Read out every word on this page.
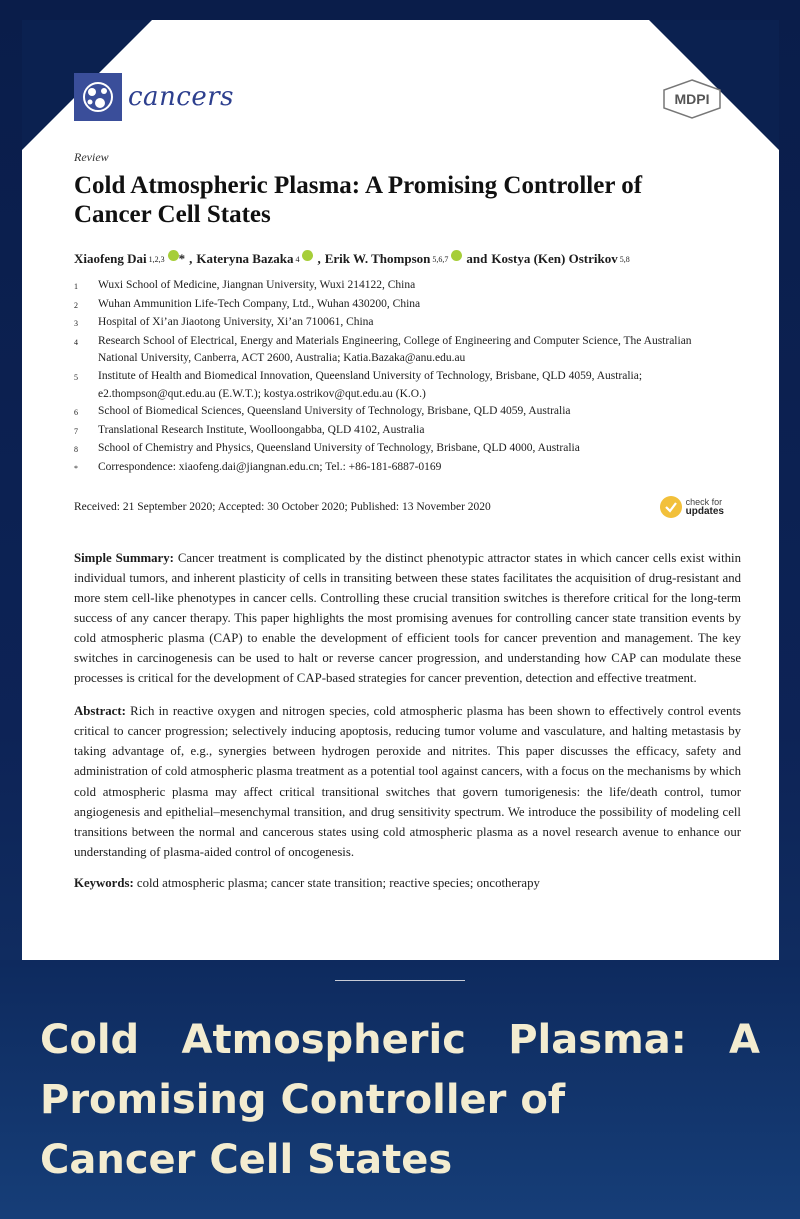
cancers	MDPI
Review
Cold Atmospheric Plasma: A Promising Controller of Cancer Cell States
Xiaofeng Dai 1,2,3 * , Kateryna Bazaka 4 , Erik W. Thompson 5,6,7 and Kostya (Ken) Ostrikov 5,8
1	Wuxi School of Medicine, Jiangnan University, Wuxi 214122, China
2	Wuhan Ammunition Life-Tech Company, Ltd., Wuhan 430200, China
3	Hospital of Xi’an Jiaotong University, Xi’an 710061, China
4	Research School of Electrical, Energy and Materials Engineering, College of Engineering and Computer Science, The Australian National University, Canberra, ACT 2600, Australia; Katia.Bazaka@anu.edu.au
5	Institute of Health and Biomedical Innovation, Queensland University of Technology, Brisbane, QLD 4059, Australia; e2.thompson@qut.edu.au (E.W.T.); kostya.ostrikov@qut.edu.au (K.O.)
6	School of Biomedical Sciences, Queensland University of Technology, Brisbane, QLD 4059, Australia
7	Translational Research Institute, Woolloongabba, QLD 4102, Australia
8	School of Chemistry and Physics, Queensland University of Technology, Brisbane, QLD 4000, Australia
*	Correspondence: xiaofeng.dai@jiangnan.edu.cn; Tel.: +86-181-6887-0169
Received: 21 September 2020; Accepted: 30 October 2020; Published: 13 November 2020	check for
updates

Simple Summary: Cancer treatment is complicated by the distinct phenotypic attractor states in which cancer cells exist within individual tumors, and inherent plasticity of cells in transiting between these states facilitates the acquisition of drug-resistant and more stem cell-like phenotypes in cancer cells. Controlling these crucial transition switches is therefore critical for the long-term success of any cancer therapy. This paper highlights the most promising avenues for controlling cancer state transition events by cold atmospheric plasma (CAP) to enable the development of efficient tools for cancer prevention and management. The key switches in carcinogenesis can be used to halt or reverse cancer progression, and understanding how CAP can modulate these processes is critical for the development of CAP-based strategies for cancer prevention, detection and effective treatment.

Abstract: Rich in reactive oxygen and nitrogen species, cold atmospheric plasma has been shown to effectively control events critical to cancer progression; selectively inducing apoptosis, reducing tumor volume and vasculature, and halting metastasis by taking advantage of, e.g., synergies between hydrogen peroxide and nitrites. This paper discusses the efficacy, safety and administration of cold atmospheric plasma treatment as a potential tool against cancers, with a focus on the mechanisms by which cold atmospheric plasma may affect critical transitional switches that govern tumorigenesis: the life/death control, tumor angiogenesis and epithelial–mesenchymal transition, and drug sensitivity spectrum. We introduce the possibility of modeling cell transitions between the normal and cancerous states using cold atmospheric plasma as a novel research avenue to enhance our understanding of plasma-aided control of oncogenesis.

Keywords: cold atmospheric plasma; cancer state transition; reactive species; oncotherapy

Cold Atmospheric Plasma: A
Promising Controller of
Cancer Cell States
